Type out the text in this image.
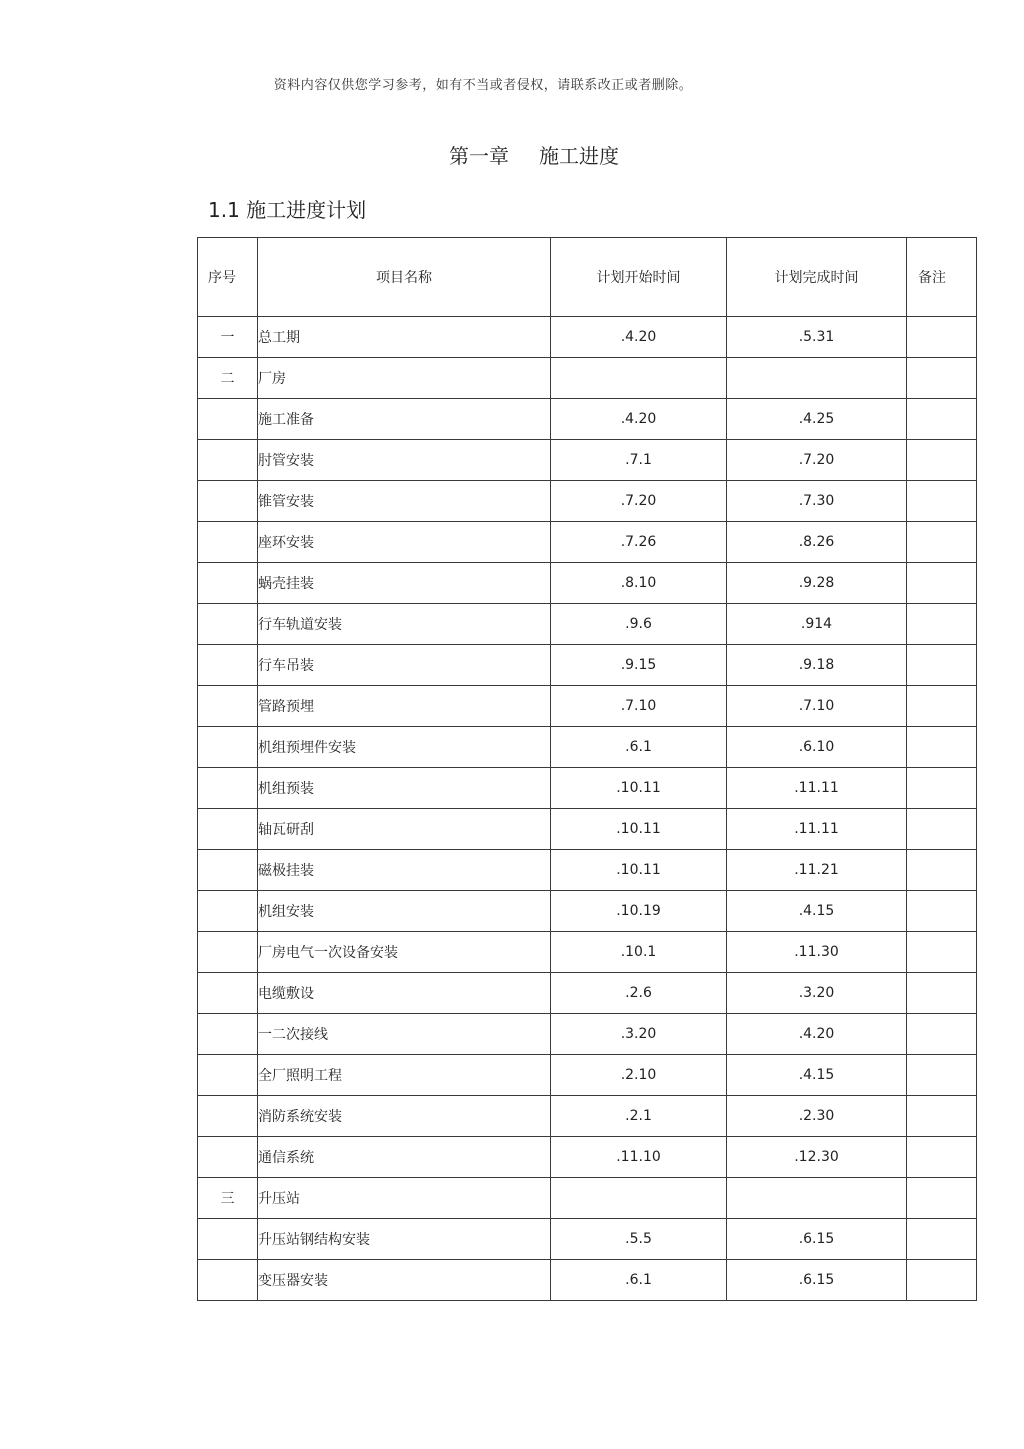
资料内容仅供您学习参考，如有不当或者侵权，请联系改正或者删除。
第一章 施工进度
1.1 施工进度计划
序号	项目名称	计划开始时间	计划完成时间	备注
一	总工期	.4.20	.5.31	
二	厂房			
	施工准备	.4.20	.4.25	
	肘管安装	.7.1	.7.20	
	锥管安装	.7.20	.7.30	
	座环安装	.7.26	.8.26	
	蜗壳挂装	.8.10	.9.28	
	行车轨道安装	.9.6	.914	
	行车吊装	.9.15	.9.18	
	管路预埋	.7.10	.7.10	
	机组预埋件安装	.6.1	.6.10	
	机组预装	.10.11	.11.11	
	轴瓦研刮	.10.11	.11.11	
	磁极挂装	.10.11	.11.21	
	机组安装	.10.19	.4.15	
	厂房电气一次设备安装	.10.1	.11.30	
	电缆敷设	.2.6	.3.20	
	一二次接线	.3.20	.4.20	
	全厂照明工程	.2.10	.4.15	
	消防系统安装	.2.1	.2.30	
	通信系统	.11.10	.12.30	
三	升压站			
	升压站钢结构安装	.5.5	.6.15	
	变压器安装	.6.1	.6.15	
